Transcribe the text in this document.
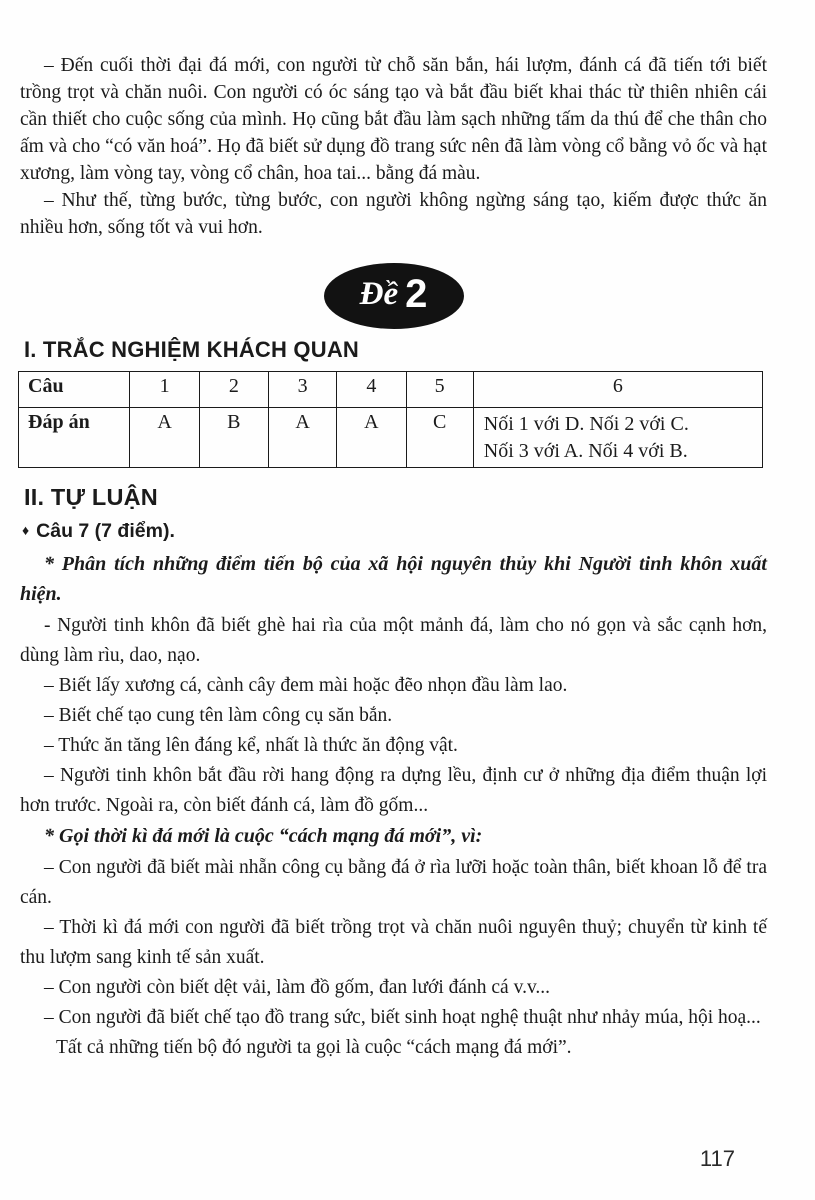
– Đến cuối thời đại đá mới, con người từ chỗ săn bắn, hái lượm, đánh cá đã tiến tới biết trồng trọt và chăn nuôi. Con người có óc sáng tạo và bắt đầu biết khai thác từ thiên nhiên cái cần thiết cho cuộc sống của mình. Họ cũng bắt đầu làm sạch những tấm da thú để che thân cho ấm và cho “có văn hoá”. Họ đã biết sử dụng đồ trang sức nên đã làm vòng cổ bằng vỏ ốc và hạt xương, làm vòng tay, vòng cổ chân, hoa tai... bằng đá màu.

– Như thế, từng bước, từng bước, con người không ngừng sáng tạo, kiếm được thức ăn nhiều hơn, sống tốt và vui hơn.

Đề 2
I. TRẮC NGHIỆM KHÁCH QUAN
Câu	1	2	3	4	5	6
Đáp án	A	B	A	A	C	Nối 1 với D. Nối 2 với C.
Nối 3 với A. Nối 4 với B.
II. TỰ LUẬN

♦ Câu 7 (7 điểm).

* Phân tích những điểm tiến bộ của xã hội nguyên thủy khi Người tinh khôn xuất hiện.

- Người tinh khôn đã biết ghè hai rìa của một mảnh đá, làm cho nó gọn và sắc cạnh hơn, dùng làm rìu, dao, nạo.

– Biết lấy xương cá, cành cây đem mài hoặc đẽo nhọn đầu làm lao.

– Biết chế tạo cung tên làm công cụ săn bắn.

– Thức ăn tăng lên đáng kể, nhất là thức ăn động vật.

– Người tinh khôn bắt đầu rời hang động ra dựng lều, định cư ở những địa điểm thuận lợi hơn trước. Ngoài ra, còn biết đánh cá, làm đồ gốm...

* Gọi thời kì đá mới là cuộc “cách mạng đá mới”, vì:

– Con người đã biết mài nhẵn công cụ bằng đá ở rìa lưỡi hoặc toàn thân, biết khoan lỗ để tra cán.

– Thời kì đá mới con người đã biết trồng trọt và chăn nuôi nguyên thuỷ; chuyển từ kinh tế thu lượm sang kinh tế sản xuất.

– Con người còn biết dệt vải, làm đồ gốm, đan lưới đánh cá v.v...

– Con người đã biết chế tạo đồ trang sức, biết sinh hoạt nghệ thuật như nhảy múa, hội hoạ...

Tất cả những tiến bộ đó người ta gọi là cuộc “cách mạng đá mới”.

117
